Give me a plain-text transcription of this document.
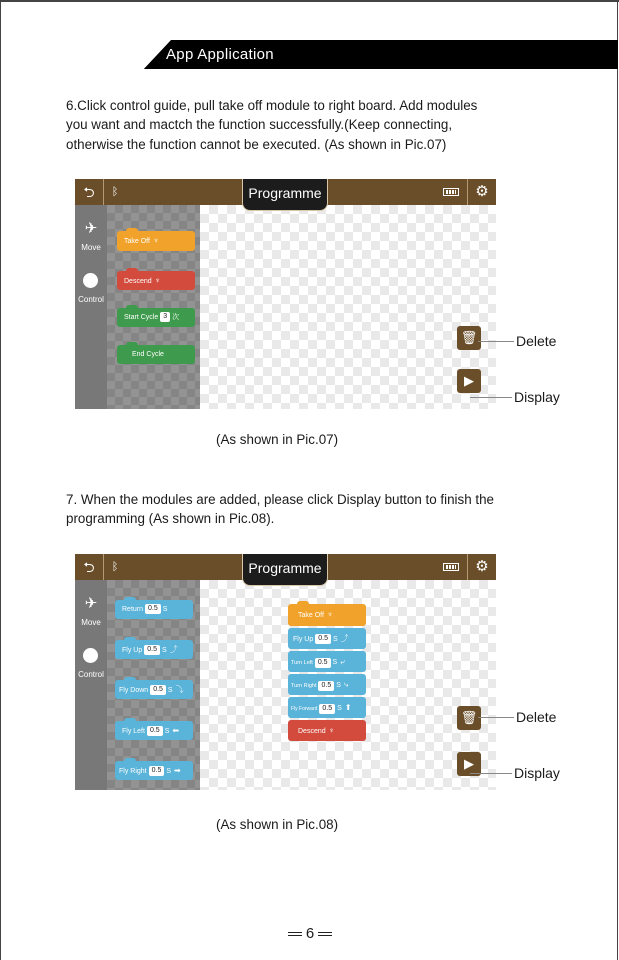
App Application
6.Click control guide, pull take off module to right board. Add modules
you want and mactch the function successfully.(Keep connecting,
otherwise the function cannot be executed. (As shown in Pic.07)
⮌	ᛒ	⚙
✈
Move
Control
Take Off ♆
Descend ♆
Start Cycle 3 次
End Cycle
Programme
🗑
▶
Delete
Display
(As shown in Pic.07)
7. When the modules are added, please click Display button to finish the
programming (As shown in Pic.08).
⮌	ᛒ	⚙
✈
Move
Control
Return 0.5 S
Fly Up 0.5 S ⤴
Fly Down 0.5 S ⤵
Fly Left 0.5 S ⬅
Fly Right 0.5 S ➡
Take Off ♆
Fly Up 0.5 S ⤴
Turn Left 0.5 S ⤶
Turn Right 0.5 S ⤷
Fly Forward 0.5 S ⬆
Descend ♆
Programme
🗑
▶
Delete
Display
(As shown in Pic.08)
6
